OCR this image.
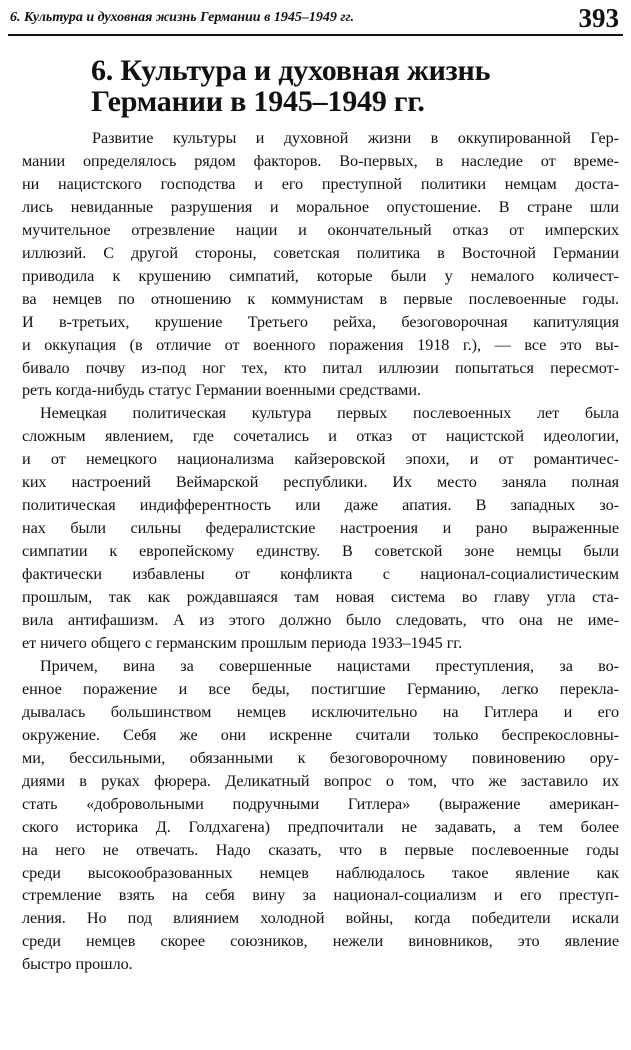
6. Культура и духовная жизнь Германии в 1945–1949 гг.	393
6. Культура и духовная жизнь
Германии в 1945–1949 гг.

Развитие культуры и духовной жизни в оккупированной Гер-
мании определялось рядом факторов. Во-первых, в наследие от време-
ни нацистского господства и его преступной политики немцам доста-
лись невиданные разрушения и моральное опустошение. В стране шли
мучительное отрезвление нации и окончательный отказ от имперских
иллюзий. С другой стороны, советская политика в Восточной Германии
приводила к крушению симпатий, которые были у немалого количест-
ва немцев по отношению к коммунистам в первые послевоенные годы.
И в-третьих, крушение Третьего рейха, безоговорочная капитуляция
и оккупация (в отличие от военного поражения 1918 г.), — все это вы-
бивало почву из-под ног тех, кто питал иллюзии попытаться пересмот-
реть когда-нибудь статус Германии военными средствами.

Немецкая политическая культура первых послевоенных лет была
сложным явлением, где сочетались и отказ от нацистской идеологии,
и от немецкого национализма кайзеровской эпохи, и от романтичес-
ких настроений Веймарской республики. Их место заняла полная
политическая индифферентность или даже апатия. В западных зо-
нах были сильны федералистские настроения и рано выраженные
симпатии к европейскому единству. В советской зоне немцы были
фактически избавлены от конфликта с национал-социалистическим
прошлым, так как рождавшаяся там новая система во главу угла ста-
вила антифашизм. А из этого должно было следовать, что она не име-
ет ничего общего с германским прошлым периода 1933–1945 гг.

Причем, вина за совершенные нацистами преступления, за во-
енное поражение и все беды, постигшие Германию, легко перекла-
дывалась большинством немцев исключительно на Гитлера и его
окружение. Себя же они искренне считали только беспрекословны-
ми, бессильными, обязанными к безоговорочному повиновению ору-
диями в руках фюрера. Деликатный вопрос о том, что же заставило их
стать «добровольными подручными Гитлера» (выражение американ-
ского историка Д. Голдхагена) предпочитали не задавать, а тем более
на него не отвечать. Надо сказать, что в первые послевоенные годы
среди высокообразованных немцев наблюдалось такое явление как
стремление взять на себя вину за национал-социализм и его преступ-
ления. Но под влиянием холодной войны, когда победители искали
среди немцев скорее союзников, нежели виновников, это явление
быстро прошло.
